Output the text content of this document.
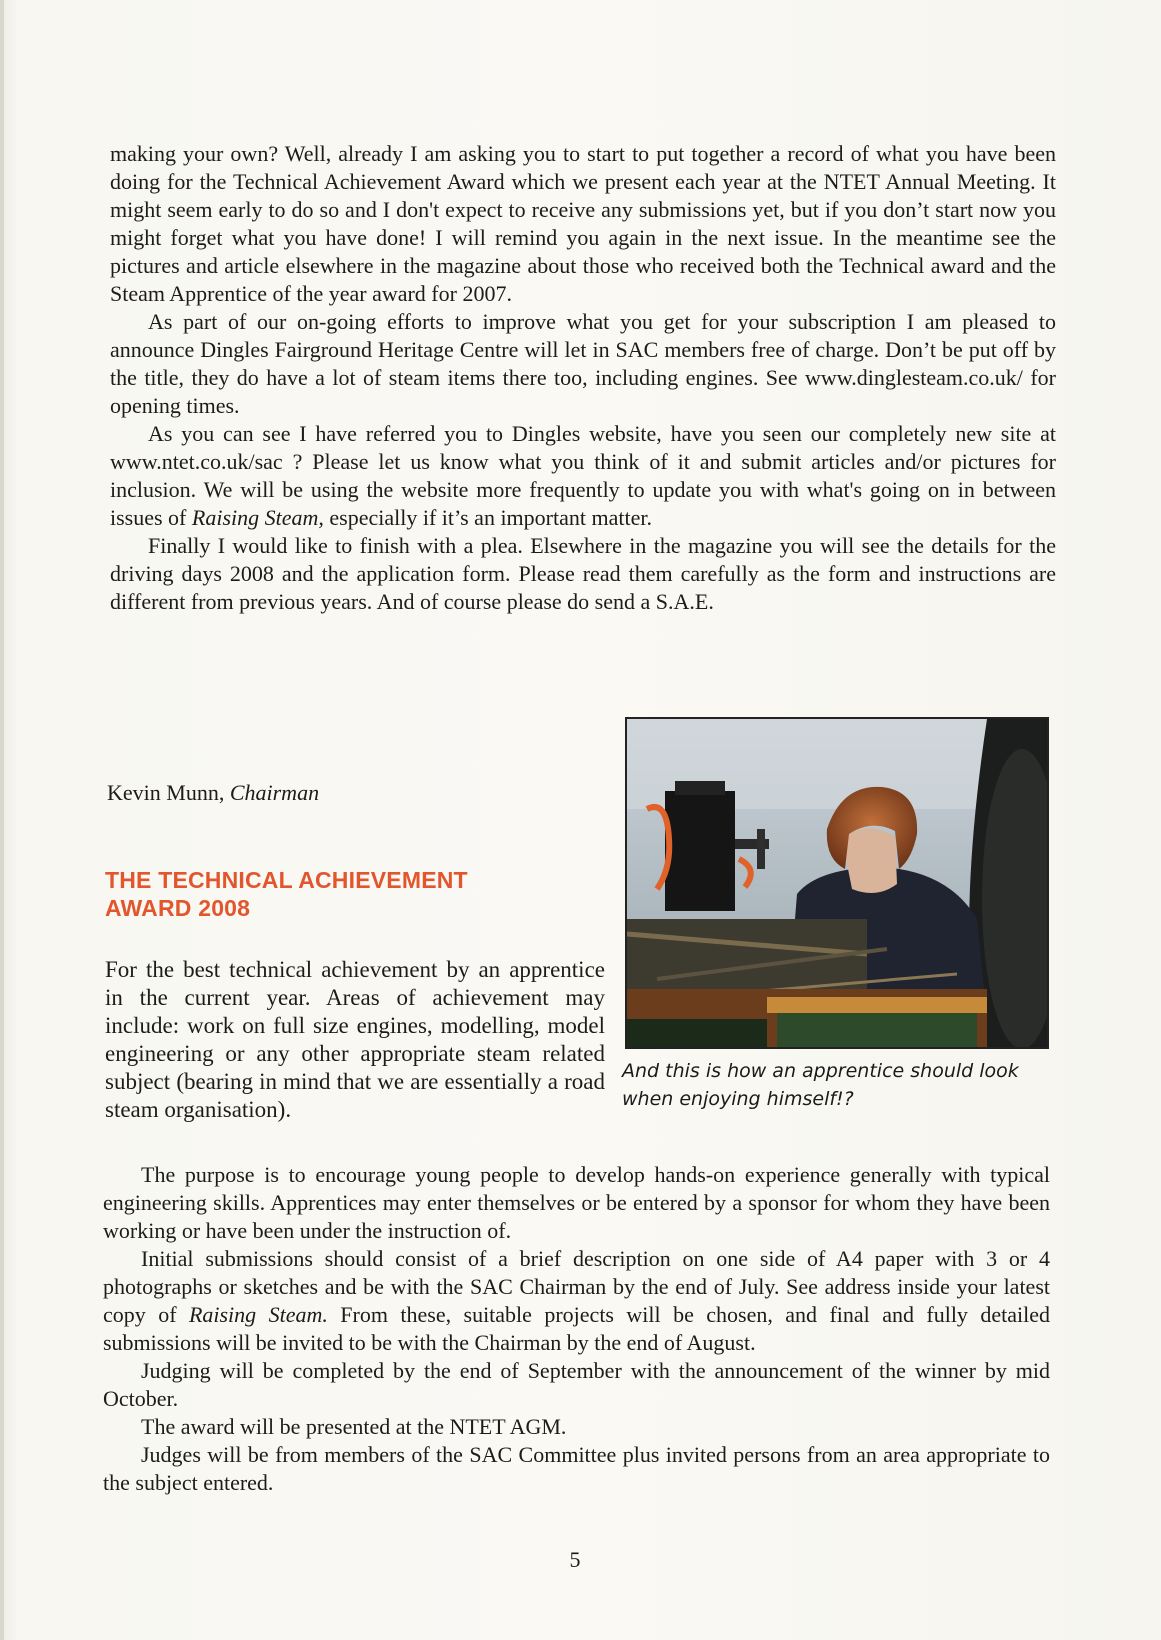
making your own? Well, already I am asking you to start to put together a record of what you have been doing for the Technical Achievement Award which we present each year at the NTET Annual Meeting. It might seem early to do so and I don't expect to receive any submissions yet, but if you don’t start now you might forget what you have done! I will remind you again in the next issue. In the meantime see the pictures and article elsewhere in the magazine about those who received both the Technical award and the Steam Apprentice of the year award for 2007.

As part of our on-going efforts to improve what you get for your subscription I am pleased to announce Dingles Fairground Heritage Centre will let in SAC members free of charge. Don’t be put off by the title, they do have a lot of steam items there too, including engines. See www.dinglesteam.co.uk/ for opening times.

As you can see I have referred you to Dingles website, have you seen our completely new site at www.ntet.co.uk/sac ? Please let us know what you think of it and submit articles and/or pictures for inclusion. We will be using the website more frequently to update you with what's going on in between issues of Raising Steam, especially if it’s an important matter.

Finally I would like to finish with a plea. Elsewhere in the magazine you will see the details for the driving days 2008 and the application form. Please read them carefully as the form and instructions are different from previous years. And of course please do send a S.A.E.

Kevin Munn, Chairman
THE TECHNICAL ACHIEVEMENT
AWARD 2008

For the best technical achievement by an apprentice in the current year. Areas of achievement may include: work on full size engines, modelling, model engineering or any other appropriate steam related subject (bearing in mind that we are essentially a road steam organisation).

And this is how an apprentice should look when enjoying himself!?

The purpose is to encourage young people to develop hands-on experience generally with typical engineering skills. Apprentices may enter themselves or be entered by a sponsor for whom they have been working or have been under the instruction of.

Initial submissions should consist of a brief description on one side of A4 paper with 3 or 4 photographs or sketches and be with the SAC Chairman by the end of July. See address inside your latest copy of Raising Steam. From these, suitable projects will be chosen, and final and fully detailed submissions will be invited to be with the Chairman by the end of August.

Judging will be completed by the end of September with the announcement of the winner by mid October.

The award will be presented at the NTET AGM.

Judges will be from members of the SAC Committee plus invited persons from an area appropriate to the subject entered.

5
